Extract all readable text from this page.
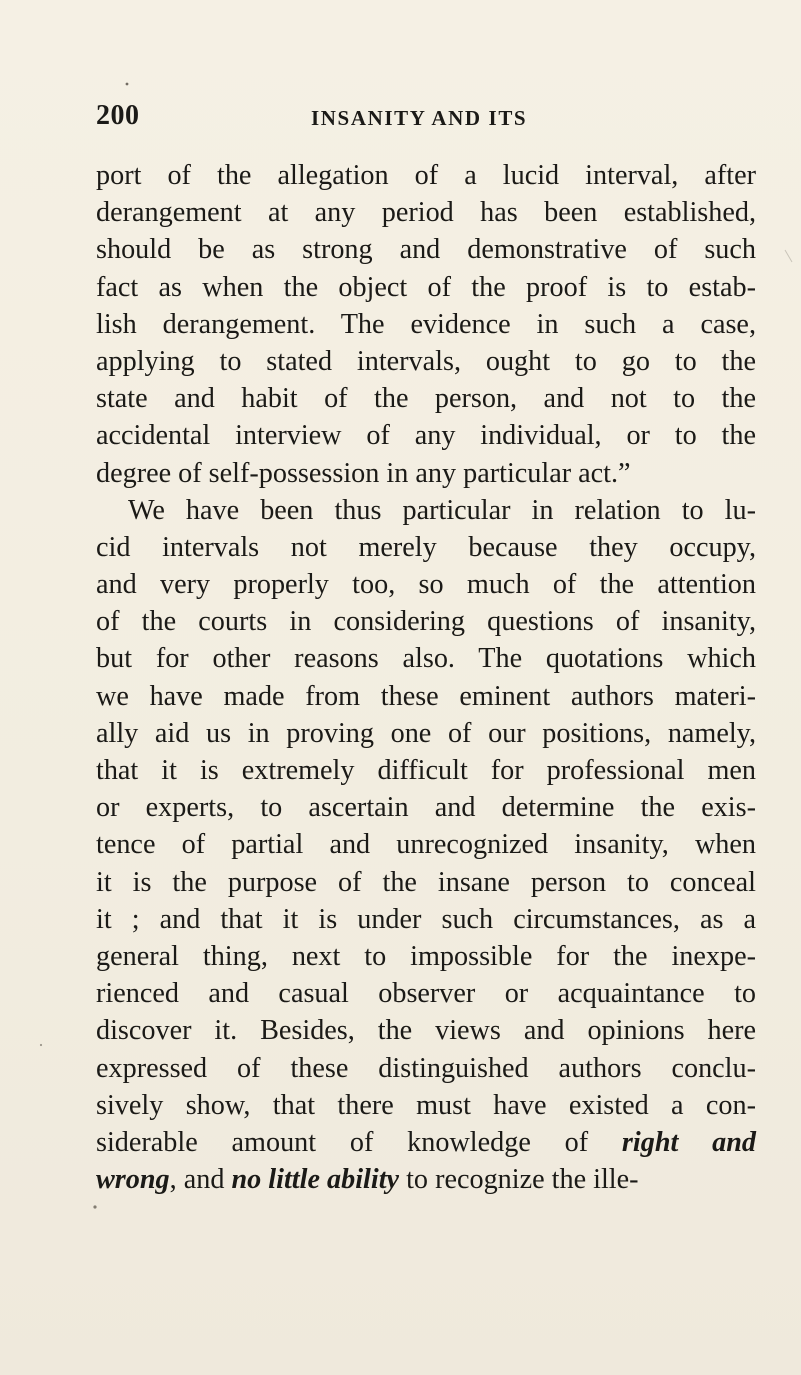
200	INSANITY AND ITS
port of the allegation of a lucid interval, after
derangement at any period has been established,
should be as strong and demonstrative of such
fact as when the object of the proof is to estab-
lish derangement. The evidence in such a case,
applying to stated intervals, ought to go to the
state and habit of the person, and not to the
accidental interview of any individual, or to the
degree of self-possession in any particular act.”
We have been thus particular in relation to lu-
cid intervals not merely because they occupy,
and very properly too, so much of the attention
of the courts in considering questions of insanity,
but for other reasons also. The quotations which
we have made from these eminent authors materi-
ally aid us in proving one of our positions, namely,
that it is extremely difficult for professional men
or experts, to ascertain and determine the exis-
tence of partial and unrecognized insanity, when
it is the purpose of the insane person to conceal
it ; and that it is under such circumstances, as a
general thing, next to impossible for the inexpe-
rienced and casual observer or acquaintance to
discover it. Besides, the views and opinions here
expressed of these distinguished authors conclu-
sively show, that there must have existed a con-
siderable amount of knowledge of right and
wrong, and no little ability to recognize the ille-
